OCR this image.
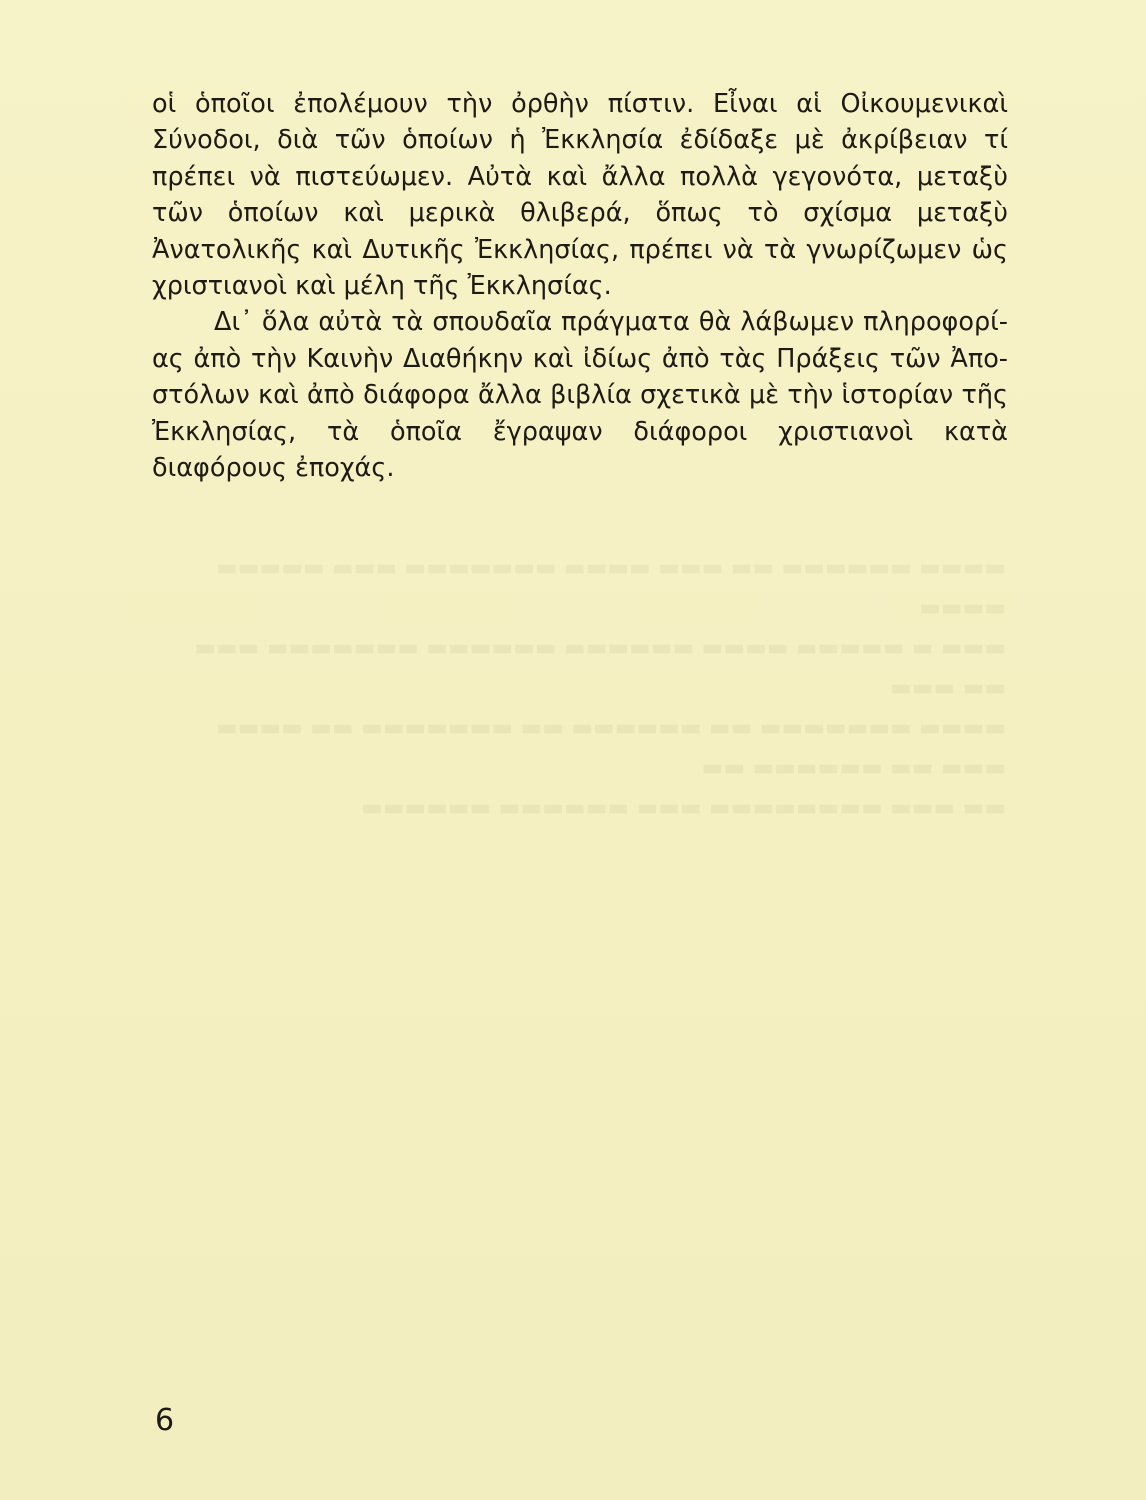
▬▬▬▬ ▬▬▬▬▬▬ ▬▬ ▬▬▬ ▬▬▬▬ ▬▬▬▬▬▬▬ ▬▬▬ ▬▬▬▬▬ ▬▬▬▬
▬▬▬ ▬ ▬▬▬▬▬ ▬▬▬▬ ▬▬▬▬▬▬ ▬▬▬▬▬▬ ▬▬▬▬▬▬▬ ▬▬▬ ▬▬ ▬▬▬
▬▬▬▬ ▬▬▬▬▬▬▬ ▬▬ ▬▬▬▬▬▬ ▬▬ ▬▬▬▬▬▬▬ ▬▬ ▬▬▬▬ ▬▬▬ ▬▬ ▬▬▬▬▬▬ ▬▬
▬▬ ▬▬▬ ▬▬▬▬▬▬▬▬ ▬▬▬ ▬▬▬▬▬▬ ▬▬▬▬▬▬

οἱ ὁποῖοι ἐπολέμουν τὴν ὀρθὴν πίστιν. Εἶναι αἱ Οἰκουμενικαὶ Σύνοδοι, διὰ τῶν ὁποίων ἡ Ἐκκλησία ἐδίδαξε μὲ ἀκρίβειαν τί πρέπει νὰ πιστεύωμεν. Αὐτὰ καὶ ἄλλα πολλὰ γεγονότα, μεταξὺ τῶν ὁποίων καὶ μερικὰ θλιβερά, ὅπως τὸ σχίσμα μεταξὺ Ἀνατολικῆς καὶ Δυτικῆς Ἐκκλησίας, πρέπει νὰ τὰ γνωρίζωμεν ὡς χριστιανοὶ καὶ μέλη τῆς Ἐκκλησίας.

Δι᾿ ὅλα αὐτὰ τὰ σπουδαῖα πράγματα θὰ λάβωμεν πληροφορίας ἀπὸ τὴν Καινὴν Διαθήκην καὶ ἰδίως ἀπὸ τὰς Πράξεις τῶν Ἀποστόλων καὶ ἀπὸ διάφορα ἄλλα βιβλία σχετικὰ μὲ τὴν ἱστορίαν τῆς Ἐκκλησίας, τὰ ὁποῖα ἔγραψαν διάφοροι χριστιανοὶ κατὰ διαφόρους ἐποχάς.

6
